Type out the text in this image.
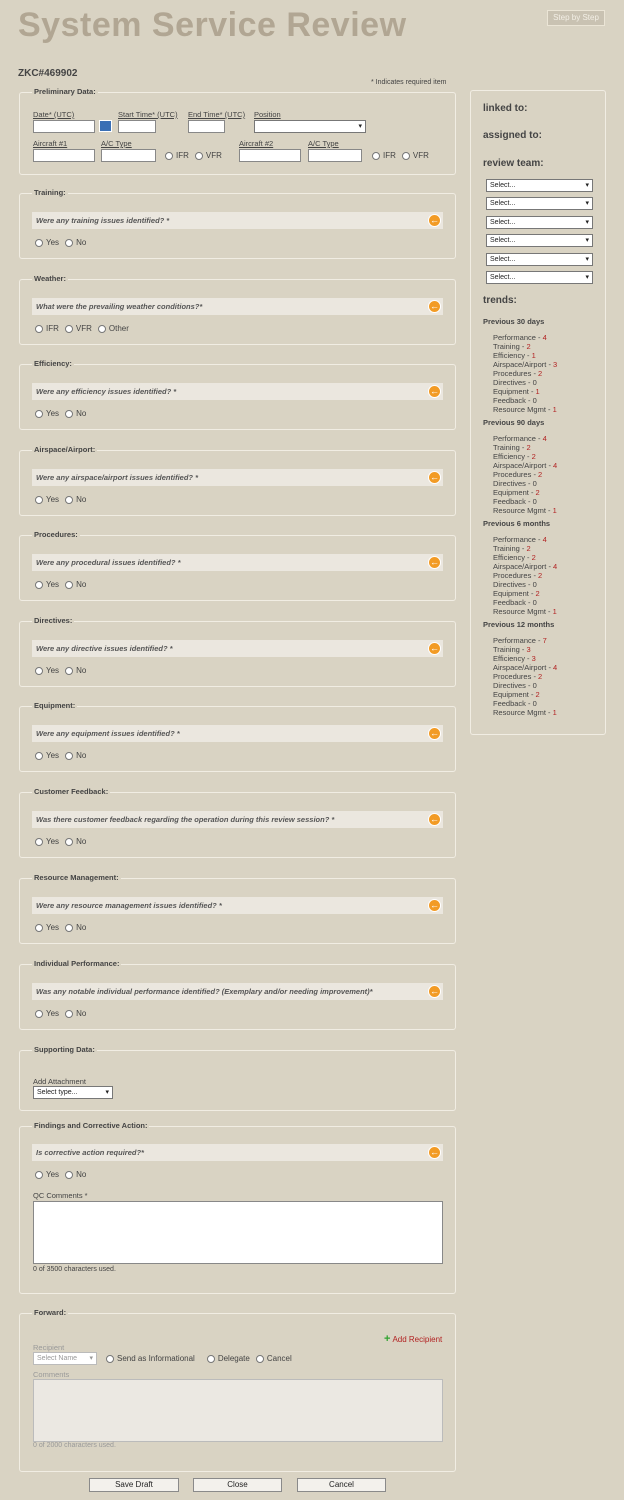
System Service Review	Step by Step
ZKC#469902
* Indicates required item
Preliminary Data:
Date* (UTC)	Start Time* (UTC) End Time* (UTC) Position
▾
Aircraft #1	A/C Type
IFR VFR
Aircraft #2	A/C Type
IFR VFR
Training:
Were any training issues identified? *	←
Yes No
Weather:
What were the prevailing weather conditions?*	←
IFR VFR Other
Efficiency:
Were any efficiency issues identified? *	←
Yes No
Airspace/Airport:
Were any airspace/airport issues identified? *	←
Yes No
Procedures:
Were any procedural issues identified? *	←
Yes No
Directives:
Were any directive issues identified? *	←
Yes No
Equipment:
Were any equipment issues identified? *	←
Yes No
Customer Feedback:
Was there customer feedback regarding the operation during this review session? *	←
Yes No
Resource Management:
Were any resource management issues identified? *	←
Yes No
Individual Performance:
Was any notable individual performance identified? (Exemplary and/or needing improvement)*	←
Yes No
Supporting Data:
Add Attachment
Select type...	▾
Findings and Corrective Action:
Is corrective action required?*	←
Yes No
QC Comments *
0 of 3500 characters used.
Forward:
+ Add Recipient
Recipient
Select Name ▾	Send as Informational	Delegate Cancel
Comments
0 of 2000 characters used.
Save Draft	Close	Cancel
linked to:
assigned to:
review team:
Select...	▾
Select...	▾
Select...	▾
Select...	▾
Select...	▾
Select...	▾
trends:
Previous 30 days
Performance - 4
Training - 2
Efficiency - 1
Airspace/Airport - 3
Procedures - 2
Directives - 0
Equipment - 1
Feedback - 0
Resource Mgmt - 1
Previous 90 days
Performance - 4
Training - 2
Efficiency - 2
Airspace/Airport - 4
Procedures - 2
Directives - 0
Equipment - 2
Feedback - 0
Resource Mgmt - 1
Previous 6 months
Performance - 4
Training - 2
Efficiency - 2
Airspace/Airport - 4
Procedures - 2
Directives - 0
Equipment - 2
Feedback - 0
Resource Mgmt - 1
Previous 12 months
Performance - 7
Training - 3
Efficiency - 3
Airspace/Airport - 4
Procedures - 2
Directives - 0
Equipment - 2
Feedback - 0
Resource Mgmt - 1
